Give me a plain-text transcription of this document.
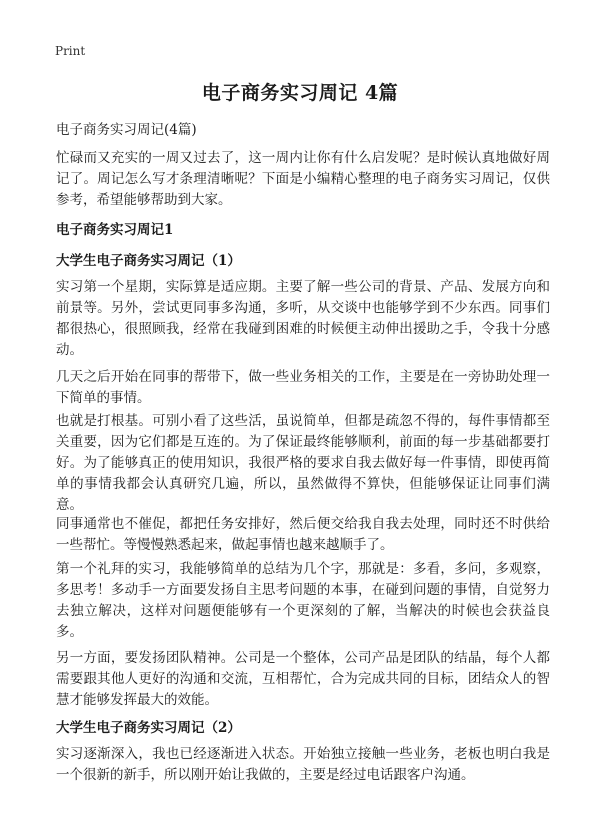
Print
电子商务实习周记 4篇
电子商务实习周记(4篇)
忙碌而又充实的一周又过去了，这一周内让你有什么启发呢？是时候认真地做好周记了。周记怎么写才条理清晰呢？下面是小编精心整理的电子商务实习周记，仅供参考，希望能够帮助到大家。
电子商务实习周记1
大学生电子商务实习周记（1）
实习第一个星期，实际算是适应期。主要了解一些公司的背景、产品、发展方向和前景等。另外，尝试更同事多沟通，多听，从交谈中也能够学到不少东西。同事们都很热心，很照顾我，经常在我碰到困难的时候便主动伸出援助之手，令我十分感动。
几天之后开始在同事的帮带下，做一些业务相关的工作，主要是在一旁协助处理一下简单的事情。
也就是打根基。可别小看了这些活，虽说简单，但都是疏忽不得的，每件事情都至关重要，因为它们都是互连的。为了保证最终能够顺利，前面的每一步基础都要打好。为了能够真正的使用知识，我很严格的要求自我去做好每一件事情，即使再简单的事情我都会认真研究几遍，所以，虽然做得不算快，但能够保证让同事们满意。
同事通常也不催促，都把任务安排好，然后便交给我自我去处理，同时还不时供给一些帮忙。等慢慢熟悉起来，做起事情也越来越顺手了。
第一个礼拜的实习，我能够简单的总结为几个字，那就是：多看，多问，多观察，多思考！多动手一方面要发扬自主思考问题的本事，在碰到问题的事情，自觉努力去独立解决，这样对问题便能够有一个更深刻的了解，当解决的时候也会获益良多。
另一方面，要发扬团队精神。公司是一个整体，公司产品是团队的结晶，每个人都需要跟其他人更好的沟通和交流，互相帮忙，合为完成共同的目标，团结众人的智慧才能够发挥最大的效能。
大学生电子商务实习周记（2）
实习逐渐深入，我也已经逐渐进入状态。开始独立接触一些业务，老板也明白我是一个很新的新手，所以刚开始让我做的，主要是经过电话跟客户沟通。
